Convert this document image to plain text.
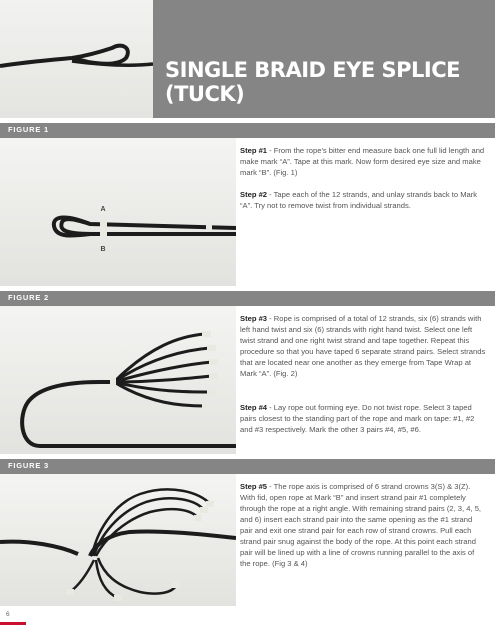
SINGLE BRAID EYE SPLICE
(TUCK)
FIGURE 1
A
B
Step #1 - From the rope's bitter end measure back one full lid length and make mark “A”. Tape at this mark. Now form desired eye size and make mark “B”. (Fig. 1)
Step #2 - Tape each of the 12 strands, and unlay strands back to Mark “A”. Try not to remove twist from individual strands.
FIGURE 2
Step #3 - Rope is comprised of a total of 12 strands, six (6) strands with left hand twist and six (6) strands with right hand twist. Select one left twist strand and one right twist strand and tape together. Repeat this procedure so that you have taped 6 separate strand pairs. Select strands that are located near one another as they emerge from Tape Wrap at Mark “A”. (Fig. 2)
Step #4 - Lay rope out forming eye. Do not twist rope. Select 3 taped pairs closest to the standing part of the rope and mark on tape: #1, #2 and #3 respectively. Mark the other 3 pairs #4, #5, #6.
FIGURE 3
Step #5 - The rope axis is comprised of 6 strand crowns 3(S) & 3(Z). With fid, open rope at Mark “B” and insert strand pair #1 completely through the rope at a right angle. With remaining strand pairs (2, 3, 4, 5, and 6) insert each strand pair into the same opening as the #1 strand pair and exit one strand pair for each row of strand crowns. Pull each strand pair snug against the body of the rope. At this point each strand pair will be lined up with a line of crowns running parallel to the axis of the rope. (Fig 3 & 4)
6
